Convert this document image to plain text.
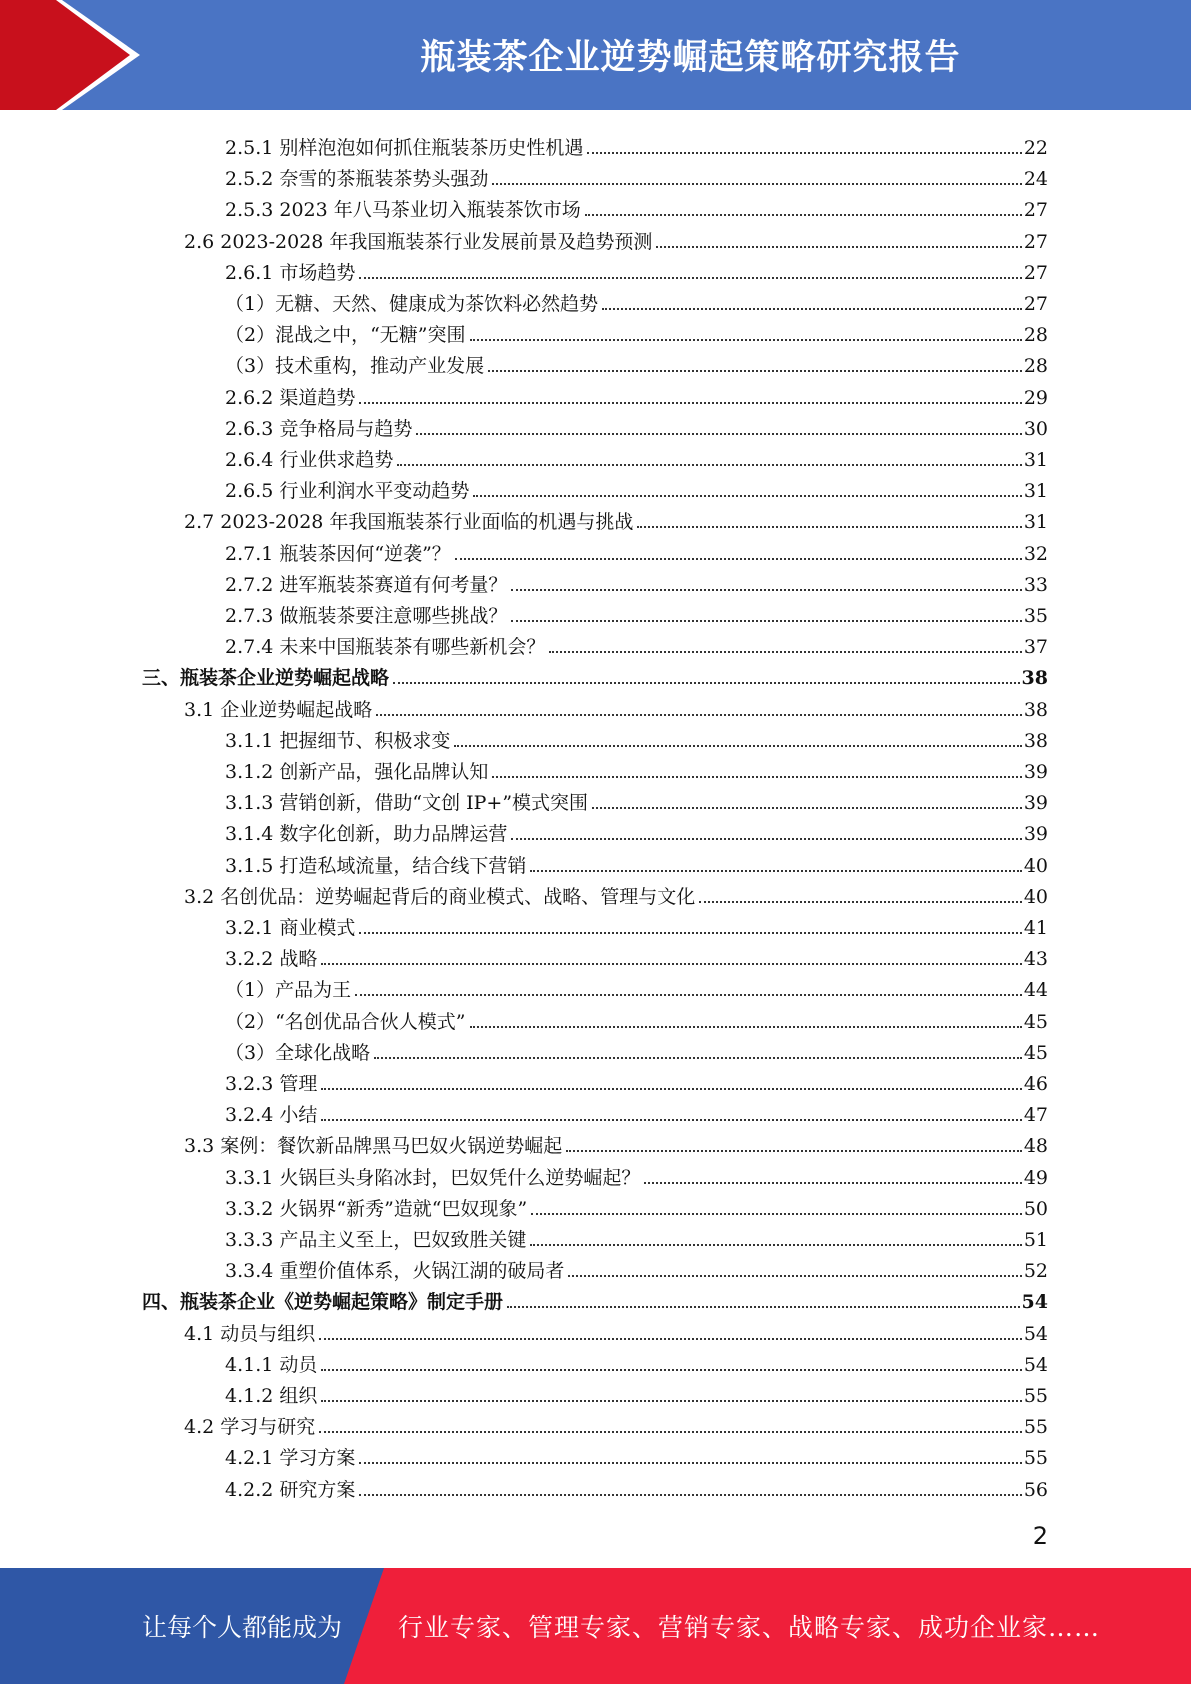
瓶装茶企业逆势崛起策略研究报告
2.5.1 别样泡泡如何抓住瓶装茶历史性机遇	22
2.5.2 奈雪的茶瓶装茶势头强劲	24
2.5.3 2023 年八马茶业切入瓶装茶饮市场	27
2.6 2023-2028 年我国瓶装茶行业发展前景及趋势预测	27
2.6.1 市场趋势	27
（1）无糖、天然、健康成为茶饮料必然趋势	27
（2）混战之中，“无糖”突围	28
（3）技术重构，推动产业发展	28
2.6.2 渠道趋势	29
2.6.3 竞争格局与趋势	30
2.6.4 行业供求趋势	31
2.6.5 行业利润水平变动趋势	31
2.7 2023-2028 年我国瓶装茶行业面临的机遇与挑战	31
2.7.1 瓶装茶因何“逆袭”？	32
2.7.2 进军瓶装茶赛道有何考量？	33
2.7.3 做瓶装茶要注意哪些挑战？	35
2.7.4 未来中国瓶装茶有哪些新机会？	37
三、瓶装茶企业逆势崛起战略	38
3.1 企业逆势崛起战略	38
3.1.1 把握细节、积极求变	38
3.1.2 创新产品，强化品牌认知	39
3.1.3 营销创新，借助“文创 IP+”模式突围	39
3.1.4 数字化创新，助力品牌运营	39
3.1.5 打造私域流量，结合线下营销	40
3.2 名创优品：逆势崛起背后的商业模式、战略、管理与文化	40
3.2.1 商业模式	41
3.2.2 战略	43
（1）产品为王	44
（2）“名创优品合伙人模式”	45
（3）全球化战略	45
3.2.3 管理	46
3.2.4 小结	47
3.3 案例：餐饮新品牌黑马巴奴火锅逆势崛起	48
3.3.1 火锅巨头身陷冰封，巴奴凭什么逆势崛起？	49
3.3.2 火锅界“新秀”造就“巴奴现象”	50
3.3.3 产品主义至上，巴奴致胜关键	51
3.3.4 重塑价值体系，火锅江湖的破局者	52
四、瓶装茶企业《逆势崛起策略》制定手册	54
4.1 动员与组织	54
4.1.1 动员	54
4.1.2 组织	55
4.2 学习与研究	55
4.2.1 学习方案	55
4.2.2 研究方案	56
2
让每个人都能成为 行业专家、管理专家、营销专家、战略专家、成功企业家……
